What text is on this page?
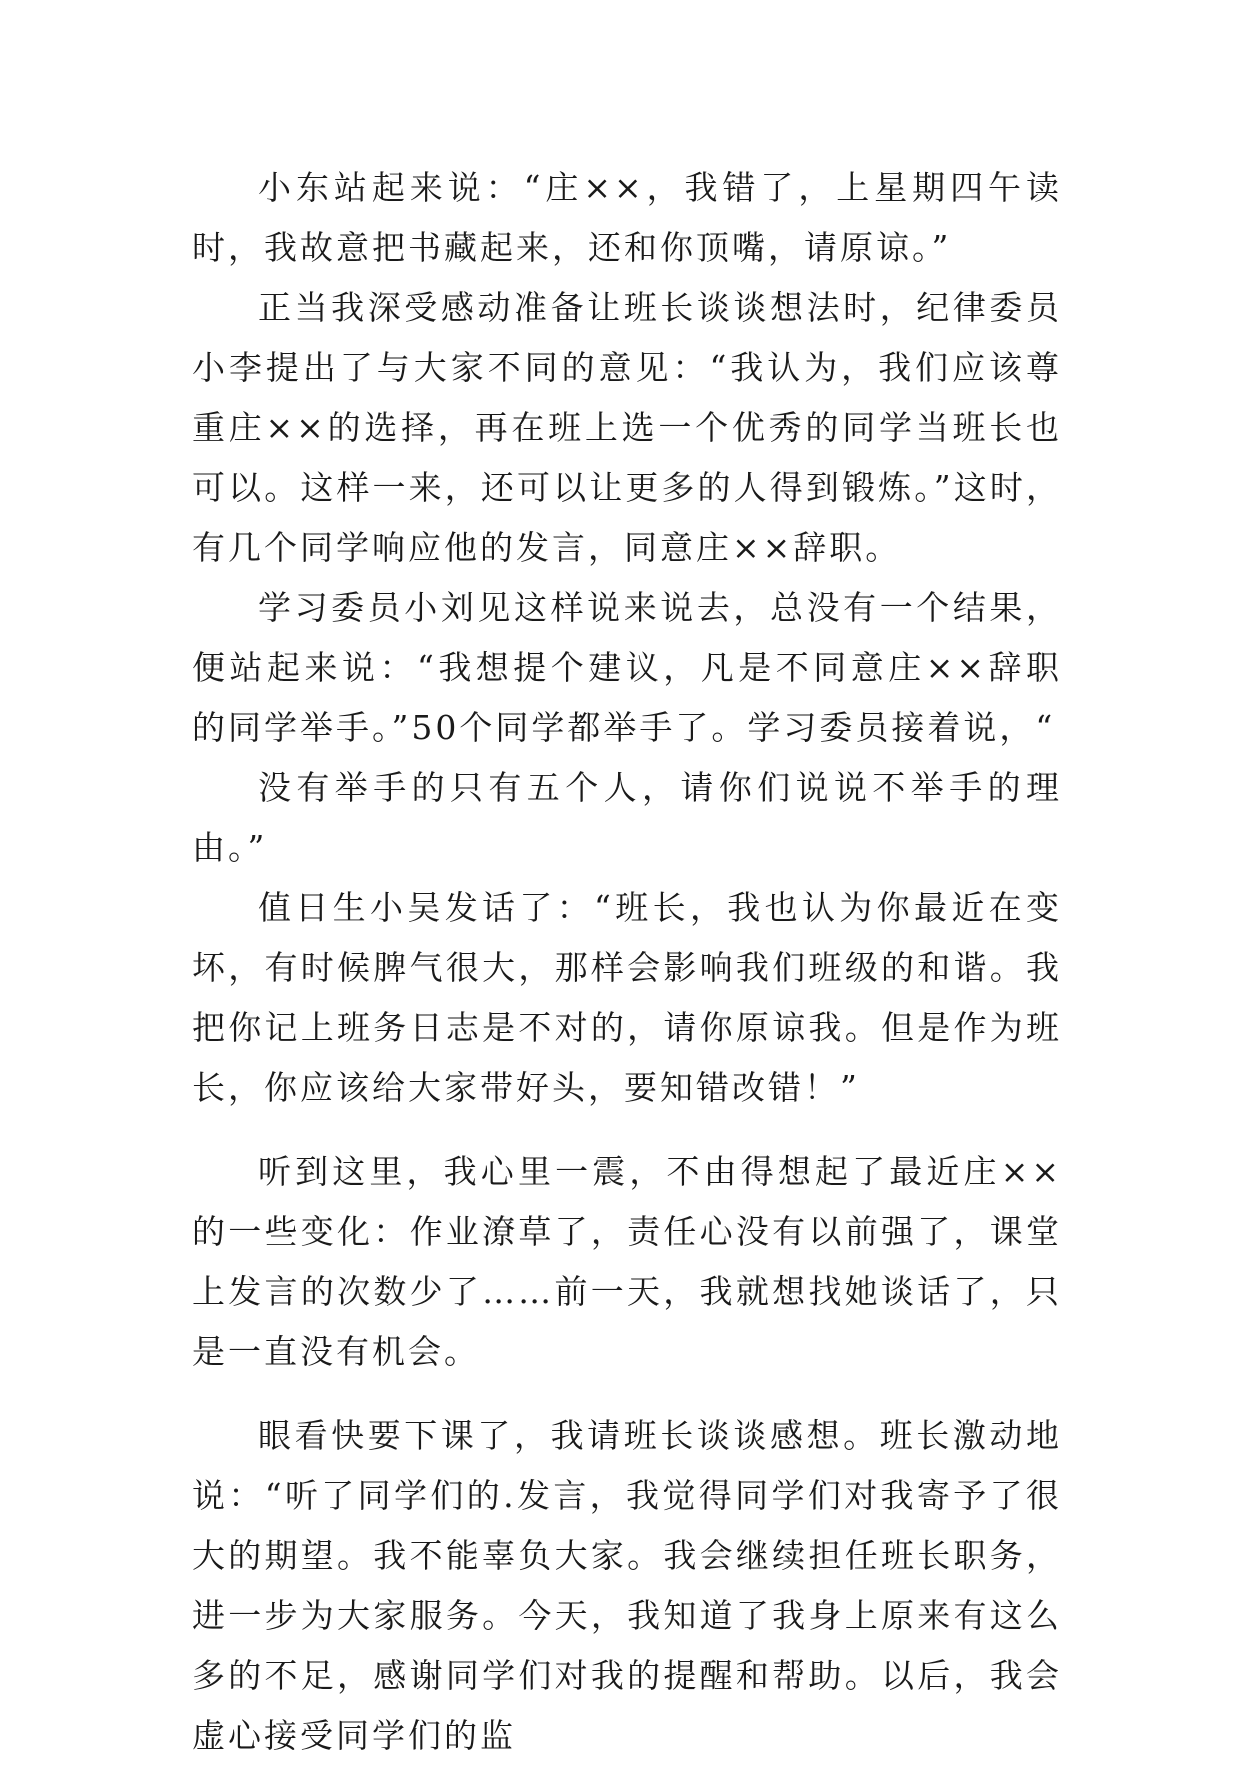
小东站起来说：“庄××，我错了，上星期四午读时，我故意把书藏起来，还和你顶嘴，请原谅。”

正当我深受感动准备让班长谈谈想法时，纪律委员小李提出了与大家不同的意见：“我认为，我们应该尊重庄××的选择，再在班上选一个优秀的同学当班长也可以。这样一来，还可以让更多的人得到锻炼。”这时，有几个同学响应他的发言，同意庄××辞职。

学习委员小刘见这样说来说去，总没有一个结果，便站起来说：“我想提个建议，凡是不同意庄××辞职的同学举手。”50个同学都举手了。学习委员接着说，“

没有举手的只有五个人，请你们说说不举手的理由。”

值日生小吴发话了：“班长，我也认为你最近在变坏，有时候脾气很大，那样会影响我们班级的和谐。我把你记上班务日志是不对的，请你原谅我。但是作为班长，你应该给大家带好头，要知错改错！”

听到这里，我心里一震，不由得想起了最近庄××的一些变化：作业潦草了，责任心没有以前强了，课堂上发言的次数少了……前一天，我就想找她谈话了，只是一直没有机会。

眼看快要下课了，我请班长谈谈感想。班长激动地说：“听了同学们的.发言，我觉得同学们对我寄予了很大的期望。我不能辜负大家。我会继续担任班长职务，进一步为大家服务。今天，我知道了我身上原来有这么多的不足，感谢同学们对我的提醒和帮助。以后，我会虚心接受同学们的监
